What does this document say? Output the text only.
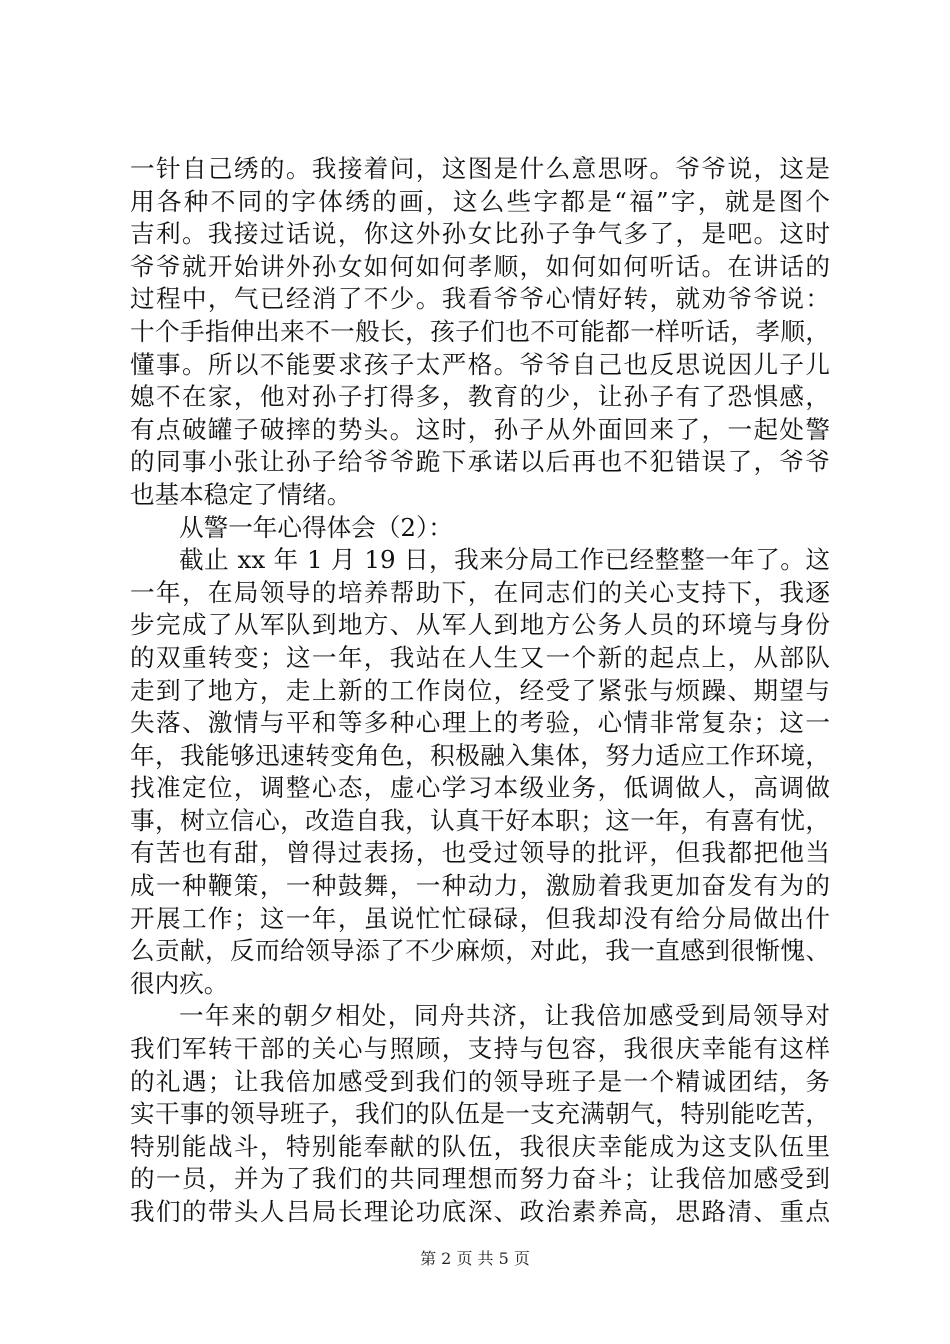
一针自己绣的。我接着问，这图是什么意思呀。爷爷说，这是
用各种不同的字体绣的画，这么些字都是“福”字，就是图个
吉利。我接过话说，你这外孙女比孙子争气多了，是吧。这时
爷爷就开始讲外孙女如何如何孝顺，如何如何听话。在讲话的
过程中，气已经消了不少。我看爷爷心情好转，就劝爷爷说：
十个手指伸出来不一般长，孩子们也不可能都一样听话，孝顺，
懂事。所以不能要求孩子太严格。爷爷自己也反思说因儿子儿
媳不在家，他对孙子打得多，教育的少，让孙子有了恐惧感，
有点破罐子破摔的势头。这时，孙子从外面回来了，一起处警
的同事小张让孙子给爷爷跪下承诺以后再也不犯错误了，爷爷
也基本稳定了情绪。
从警一年心得体会（2）：
截止 xx 年 1 月 19 日，我来分局工作已经整整一年了。这
一年，在局领导的培养帮助下，在同志们的关心支持下，我逐
步完成了从军队到地方、从军人到地方公务人员的环境与身份
的双重转变；这一年，我站在人生又一个新的起点上，从部队
走到了地方，走上新的工作岗位，经受了紧张与烦躁、期望与
失落、激情与平和等多种心理上的考验，心情非常复杂；这一
年，我能够迅速转变角色，积极融入集体，努力适应工作环境，
找准定位，调整心态，虚心学习本级业务，低调做人，高调做
事，树立信心，改造自我，认真干好本职；这一年，有喜有忧，
有苦也有甜，曾得过表扬，也受过领导的批评，但我都把他当
成一种鞭策，一种鼓舞，一种动力，激励着我更加奋发有为的
开展工作；这一年，虽说忙忙碌碌，但我却没有给分局做出什
么贡献，反而给领导添了不少麻烦，对此，我一直感到很惭愧、
很内疚。
一年来的朝夕相处，同舟共济，让我倍加感受到局领导对
我们军转干部的关心与照顾，支持与包容，我很庆幸能有这样
的礼遇；让我倍加感受到我们的领导班子是一个精诚团结，务
实干事的领导班子，我们的队伍是一支充满朝气，特别能吃苦，
特别能战斗，特别能奉献的队伍，我很庆幸能成为这支队伍里
的一员，并为了我们的共同理想而努力奋斗；让我倍加感受到
我们的带头人吕局长理论功底深、政治素养高，思路清、重点
第 2 页 共 5 页
